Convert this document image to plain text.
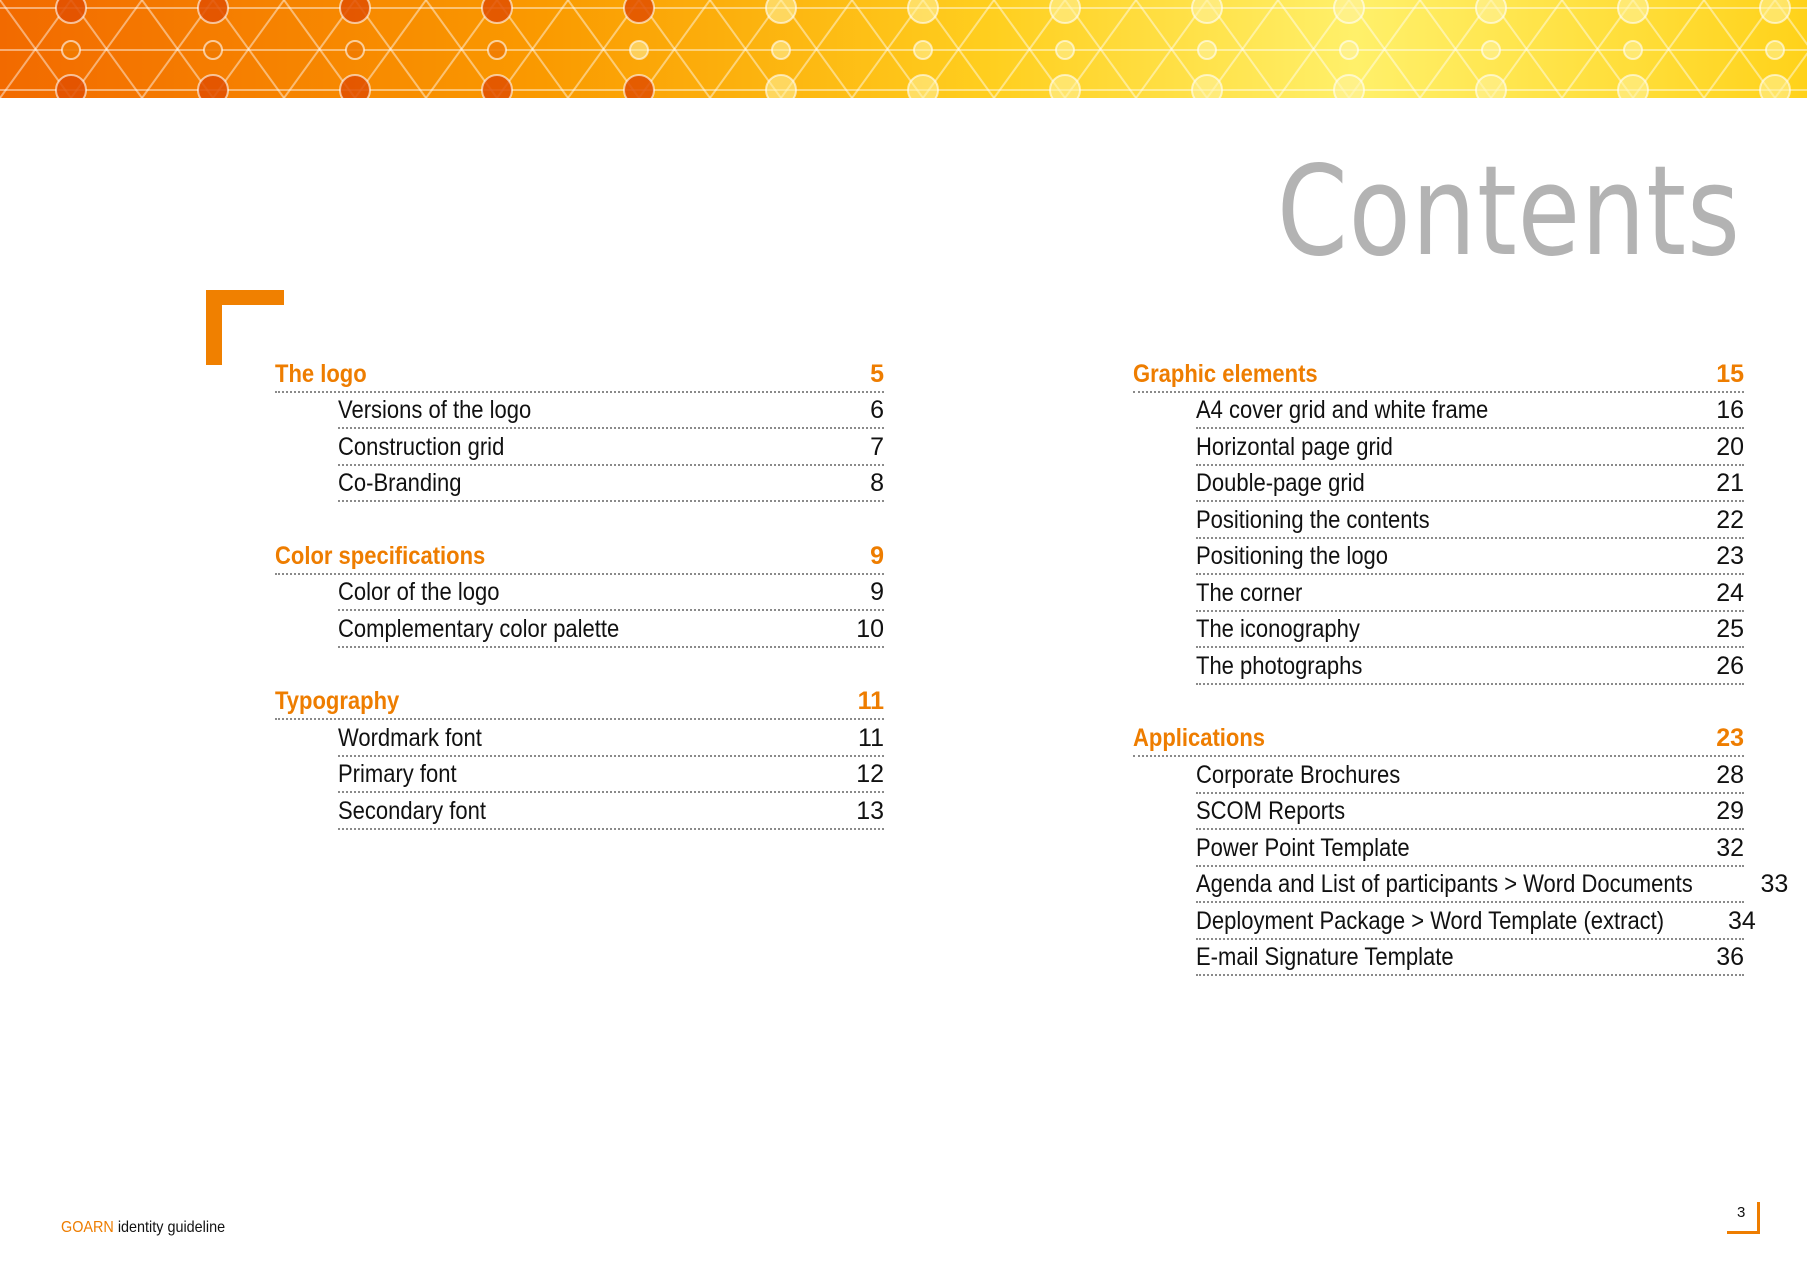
Contents
The logo	5
Versions of the logo	6
Construction grid	7
Co-Branding	8
Color specifications	9
Color of the logo	9
Complementary color palette	10
Typography	11
Wordmark font	11
Primary font	12
Secondary font	13
Graphic elements	15
A4 cover grid and white frame	16
Horizontal page grid	20
Double-page grid	21
Positioning the contents	22
Positioning the logo	23
The corner	24
The iconography	25
The photographs	26
Applications	23
Corporate Brochures	28
SCOM Reports	29
Power Point Template	32
Agenda and List of participants > Word Documents	33
Deployment Package > Word Template (extract)	34
E-mail Signature Template	36
GOARN identity guideline
3
